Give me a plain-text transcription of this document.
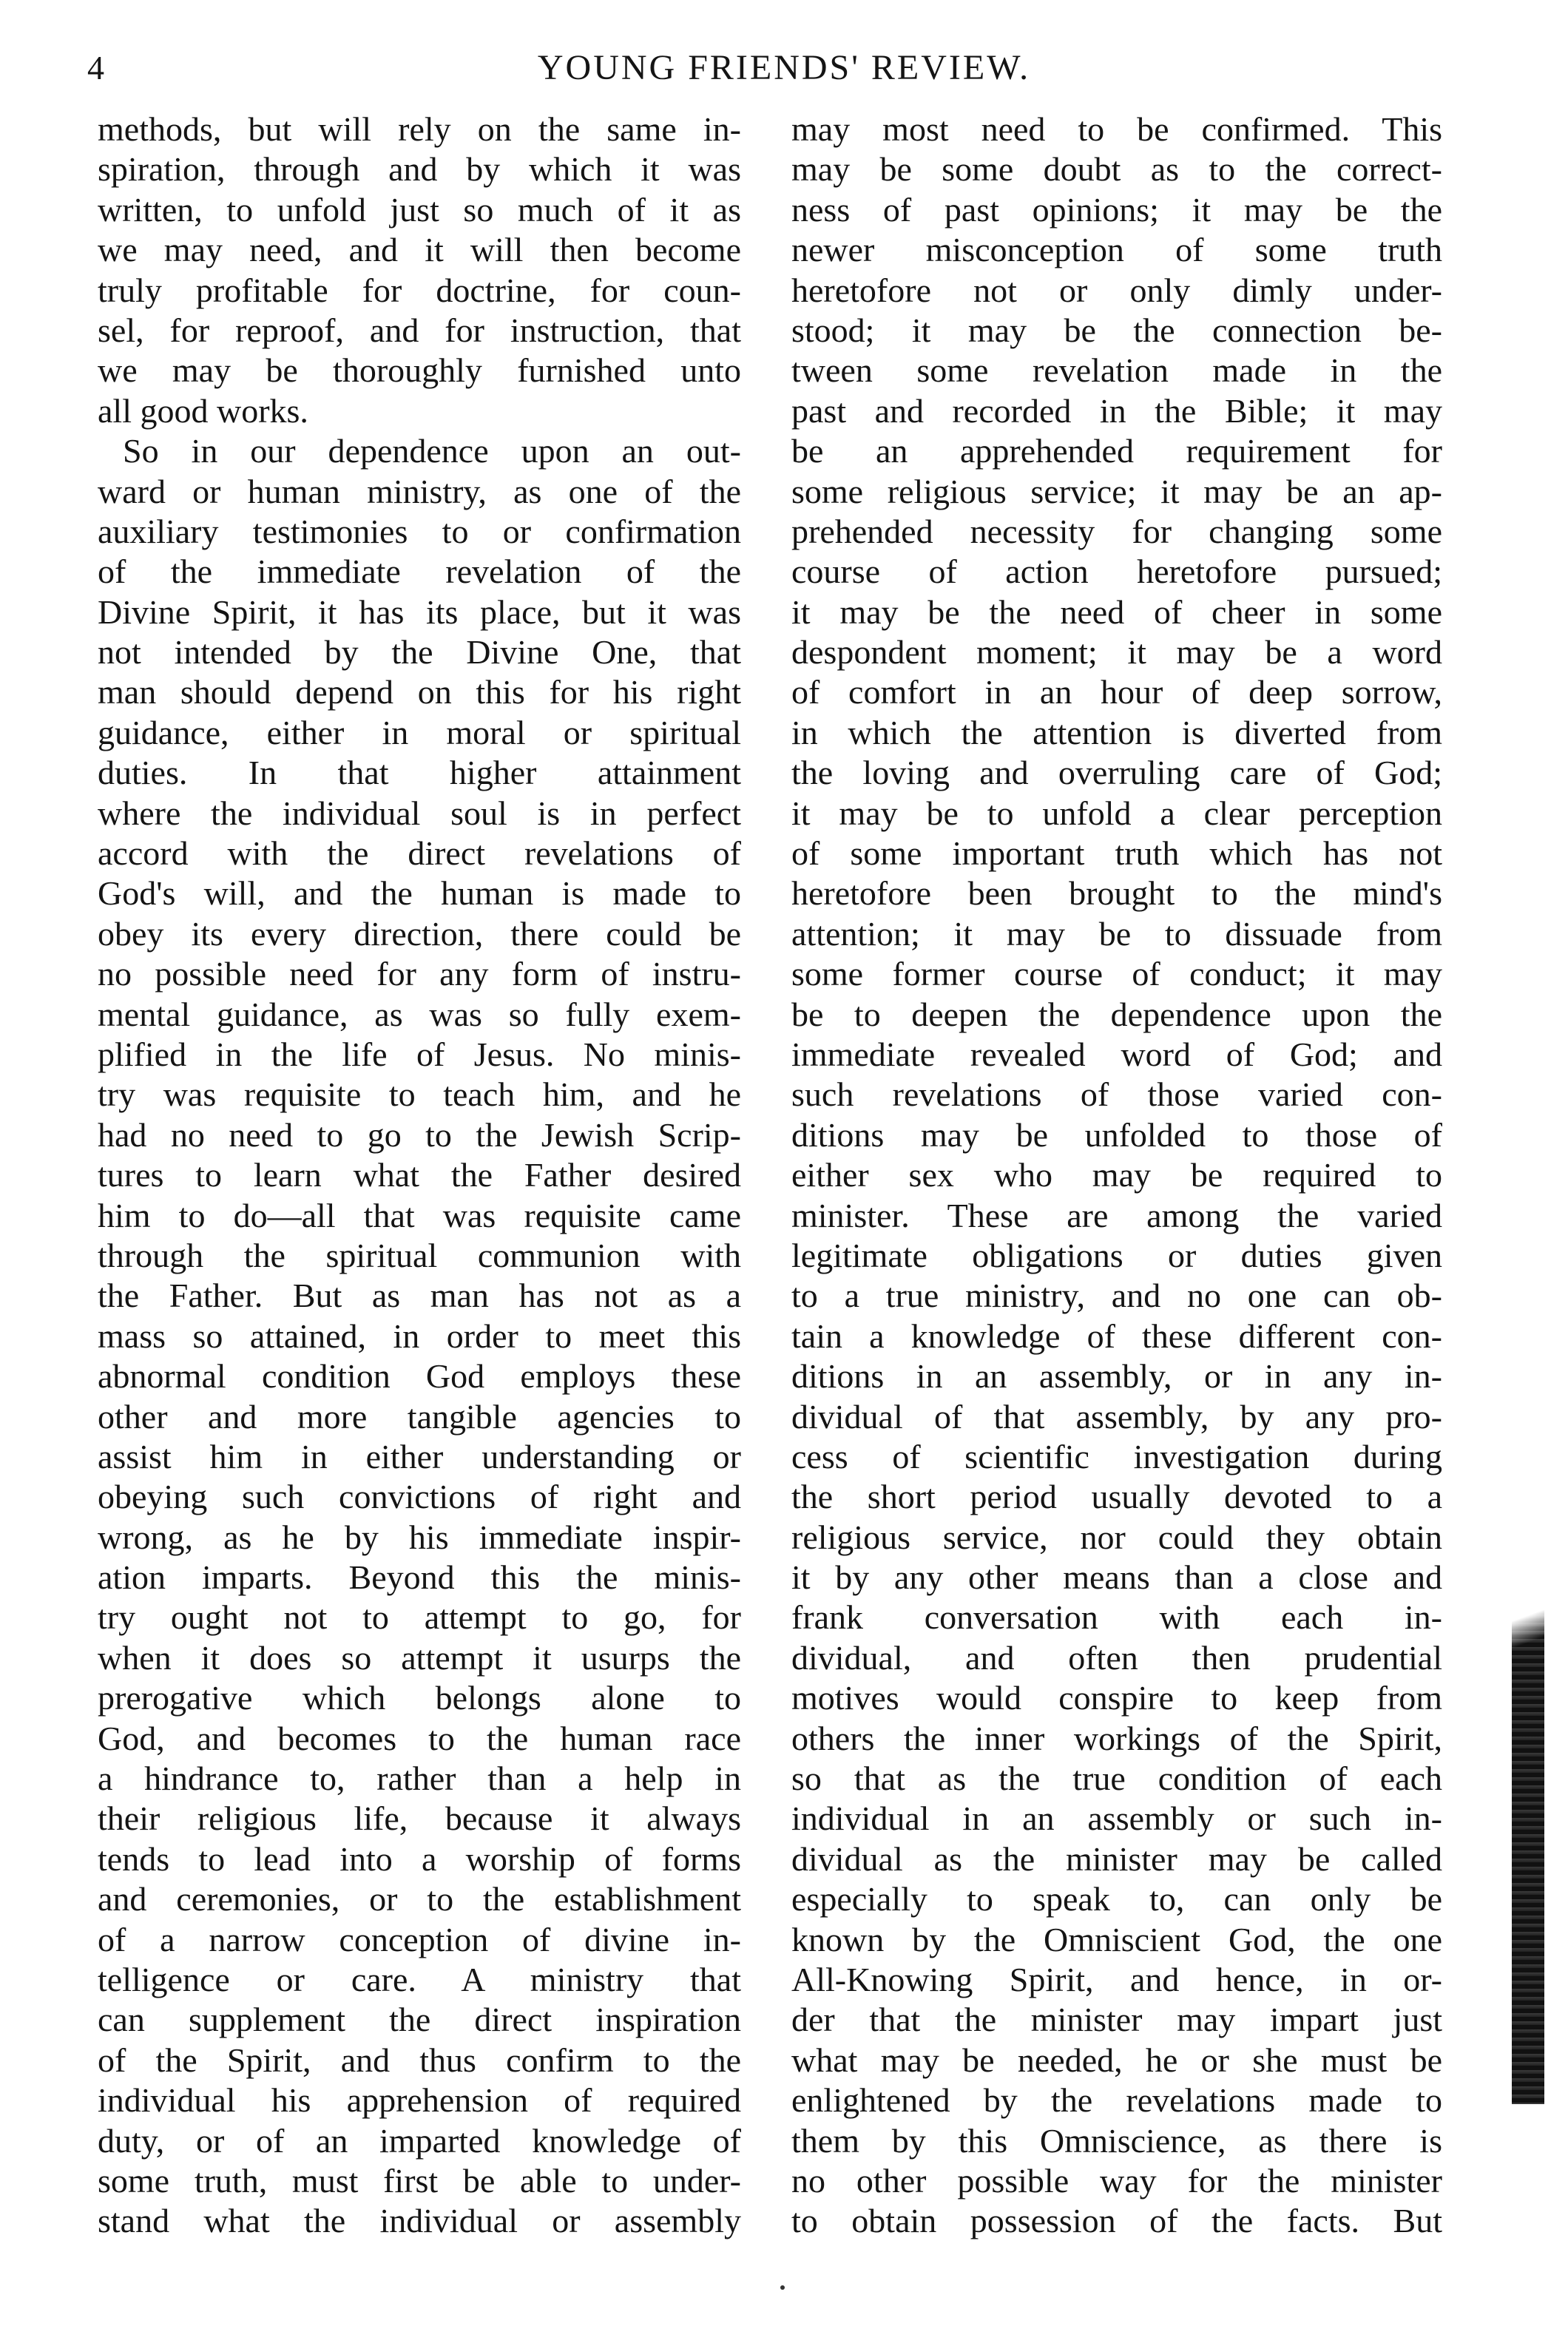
4	YOUNG FRIENDS' REVIEW.
methods, but will rely on the same in-
spiration, through and by which it was
written, to unfold just so much of it as
we may need, and it will then become
truly profitable for doctrine, for coun-
sel, for reproof, and for instruction, that
we may be thoroughly furnished unto
all good works.
So in our dependence upon an out-
ward or human ministry, as one of the
auxiliary testimonies to or confirmation
of the immediate revelation of the
Divine Spirit, it has its place, but it was
not intended by the Divine One, that
man should depend on this for his right
guidance, either in moral or spiritual
duties. In that higher attainment
where the individual soul is in perfect
accord with the direct revelations of
God's will, and the human is made to
obey its every direction, there could be
no possible need for any form of instru-
mental guidance, as was so fully exem-
plified in the life of Jesus. No minis-
try was requisite to teach him, and he
had no need to go to the Jewish Scrip-
tures to learn what the Father desired
him to do—all that was requisite came
through the spiritual communion with
the Father. But as man has not as a
mass so attained, in order to meet this
abnormal condition God employs these
other and more tangible agencies to
assist him in either understanding or
obeying such convictions of right and
wrong, as he by his immediate inspir-
ation imparts. Beyond this the minis-
try ought not to attempt to go, for
when it does so attempt it usurps the
prerogative which belongs alone to
God, and becomes to the human race
a hindrance to, rather than a help in
their religious life, because it always
tends to lead into a worship of forms
and ceremonies, or to the establishment
of a narrow conception of divine in-
telligence or care. A ministry that
can supplement the direct inspiration
of the Spirit, and thus confirm to the
individual his apprehension of required
duty, or of an imparted knowledge of
some truth, must first be able to under-
stand what the individual or assembly
may most need to be confirmed. This
may be some doubt as to the correct-
ness of past opinions; it may be the
newer misconception of some truth
heretofore not or only dimly under-
stood; it may be the connection be-
tween some revelation made in the
past and recorded in the Bible; it may
be an apprehended requirement for
some religious service; it may be an ap-
prehended necessity for changing some
course of action heretofore pursued;
it may be the need of cheer in some
despondent moment; it may be a word
of comfort in an hour of deep sorrow,
in which the attention is diverted from
the loving and overruling care of God;
it may be to unfold a clear perception
of some important truth which has not
heretofore been brought to the mind's
attention; it may be to dissuade from
some former course of conduct; it may
be to deepen the dependence upon the
immediate revealed word of God; and
such revelations of those varied con-
ditions may be unfolded to those of
either sex who may be required to
minister. These are among the varied
legitimate obligations or duties given
to a true ministry, and no one can ob-
tain a knowledge of these different con-
ditions in an assembly, or in any in-
dividual of that assembly, by any pro-
cess of scientific investigation during
the short period usually devoted to a
religious service, nor could they obtain
it by any other means than a close and
frank conversation with each in-
dividual, and often then prudential
motives would conspire to keep from
others the inner workings of the Spirit,
so that as the true condition of each
individual in an assembly or such in-
dividual as the minister may be called
especially to speak to, can only be
known by the Omniscient God, the one
All-Knowing Spirit, and hence, in or-
der that the minister may impart just
what may be needed, he or she must be
enlightened by the revelations made to
them by this Omniscience, as there is
no other possible way for the minister
to obtain possession of the facts. But
